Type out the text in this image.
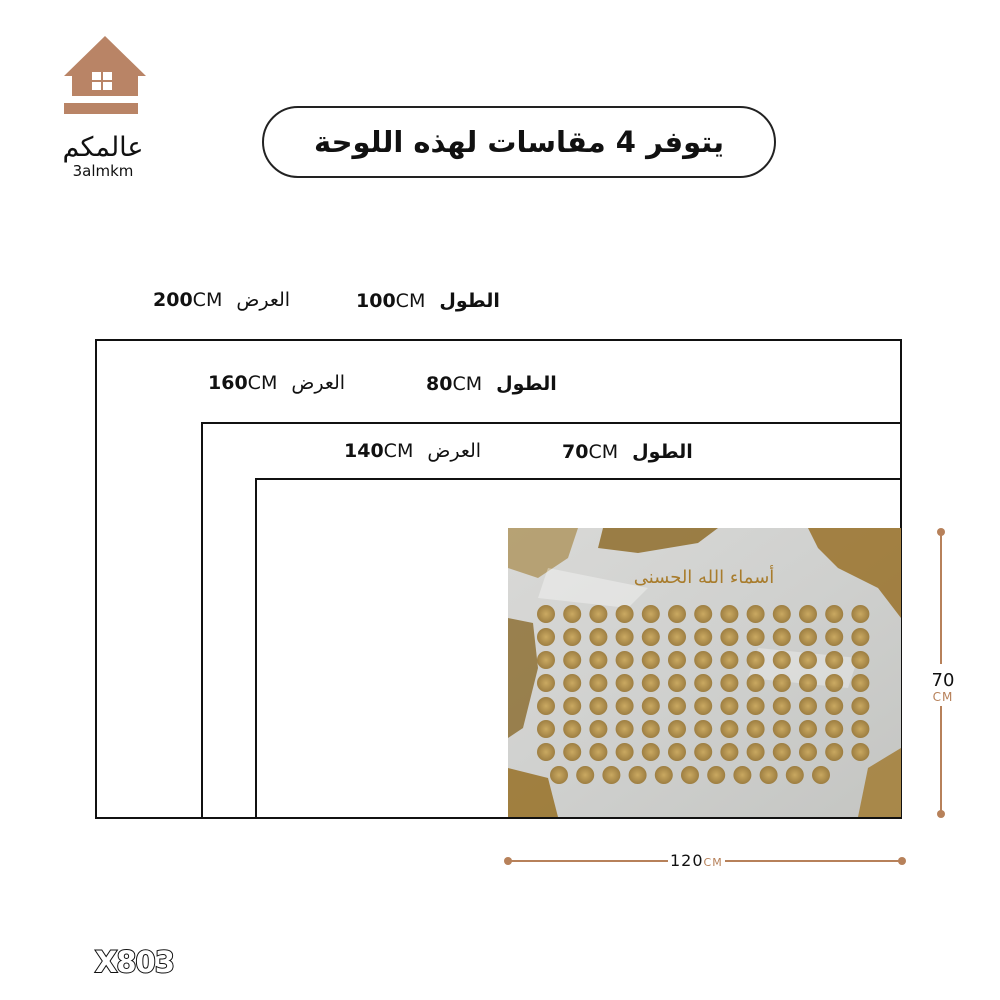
عالمكم
3almkm
يتوفر 4 مقاسات لهذه اللوحة
200CM العرض	100CM الطول
160CM العرض	80CM الطول
140CM العرض	70CM الطول
أسماء الله الحسنى
70
CM
120CM
X803
